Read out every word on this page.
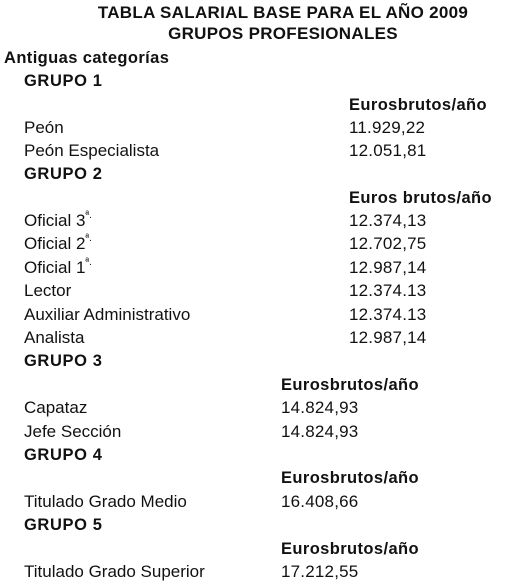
TABLA SALARIAL BASE PARA EL AÑO 2009
GRUPOS PROFESIONALES
Antiguas categorías
GRUPO 1
Eurosbrutos/año
Peón	11.929,22
Peón Especialista	12.051,81
GRUPO 2
Euros brutos/año
Oficial $3^{ª.}$	12.374,13
Oficial $2^{ª.}$	12.702,75
Oficial $1^{ª.}$	12.987,14
Lector	12.374.13
Auxiliar Administrativo	12.374.13
Analista	12.987,14
GRUPO 3
Eurosbrutos/año
Capataz	14.824,93
Jefe Sección	14.824,93
GRUPO 4
Eurosbrutos/año
Titulado Grado Medio	16.408,66
GRUPO 5
Eurosbrutos/año
Titulado Grado Superior	17.212,55
